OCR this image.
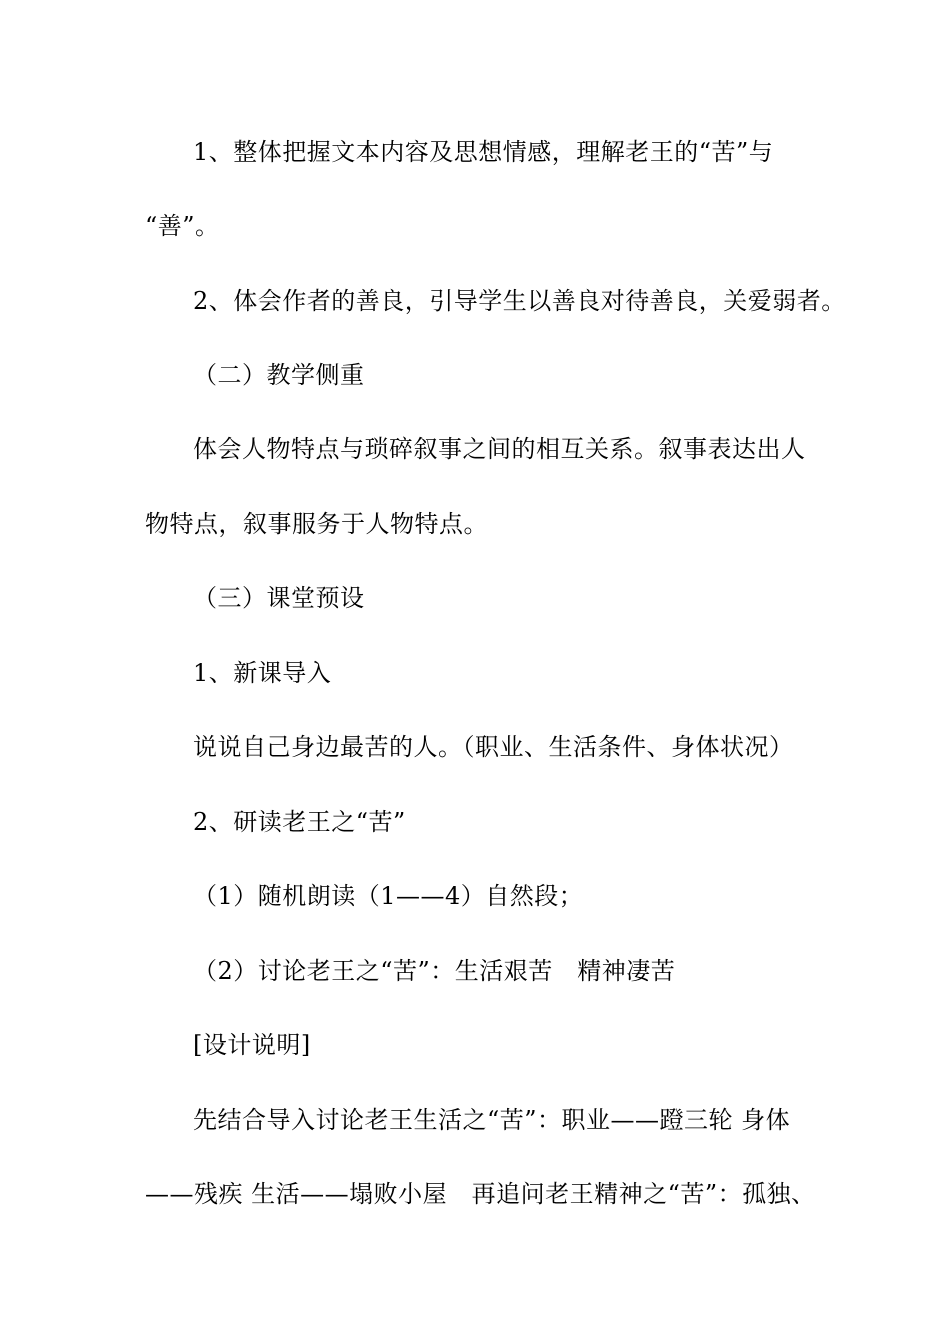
1、整体把握文本内容及思想情感，理解老王的“苦”与
“善”。
2、体会作者的善良，引导学生以善良对待善良，关爱弱者。
（二）教学侧重
体会人物特点与琐碎叙事之间的相互关系。叙事表达出人
物特点，叙事服务于人物特点。
（三）课堂预设
1、新课导入
说说自己身边最苦的人。（职业、生活条件、身体状况）
2、研读老王之“苦”
（1）随机朗读（1——4）自然段；
（2）讨论老王之“苦”：生活艰苦　精神凄苦
[设计说明]
先结合导入讨论老王生活之“苦”：职业——蹬三轮 身体
——残疾 生活——塌败小屋　再追问老王精神之“苦”：孤独、
